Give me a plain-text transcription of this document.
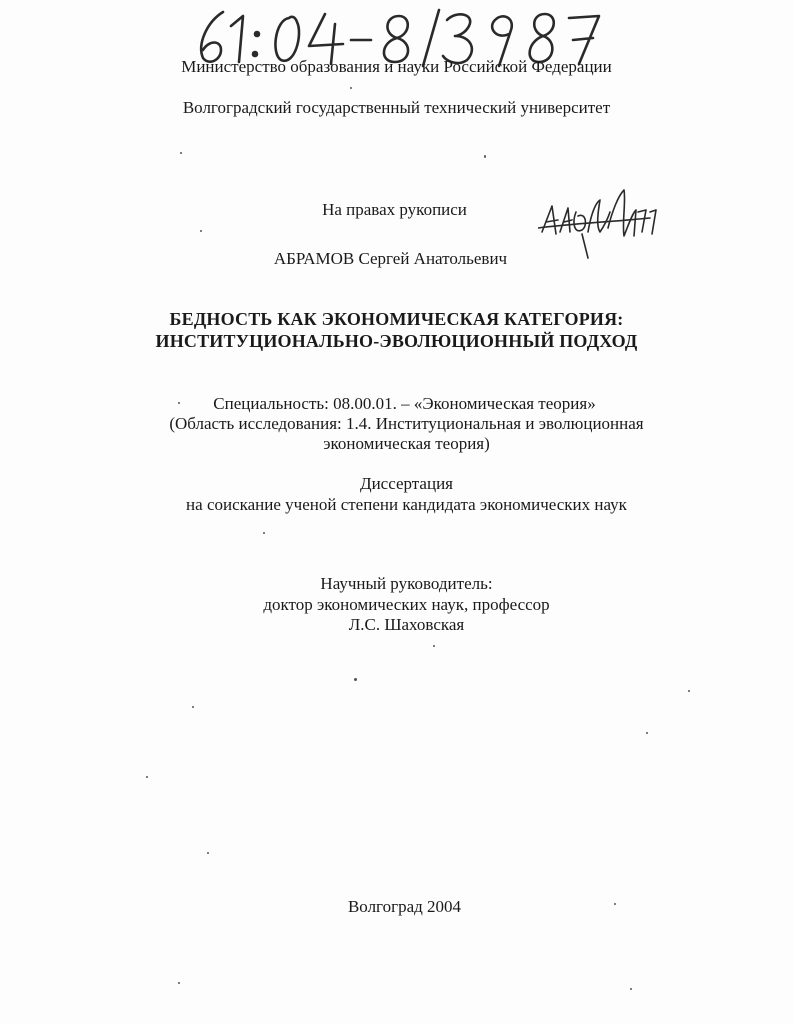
Министерство образования и науки Российской Федерации
Волгоградский государственный технический университет
На правах рукописи
АБРАМОВ Сергей Анатольевич
БЕДНОСТЬ КАК ЭКОНОМИЧЕСКАЯ КАТЕГОРИЯ:
ИНСТИТУЦИОНАЛЬНО-ЭВОЛЮЦИОННЫЙ ПОДХОД
Специальность: 08.00.01. – «Экономическая теория»
(Область исследования: 1.4. Институциональная и эволюционная
экономическая теория)
Диссертация
на соискание ученой степени кандидата экономических наук
Научный руководитель:
доктор экономических наук, профессор
Л.С. Шаховская
Волгоград 2004
